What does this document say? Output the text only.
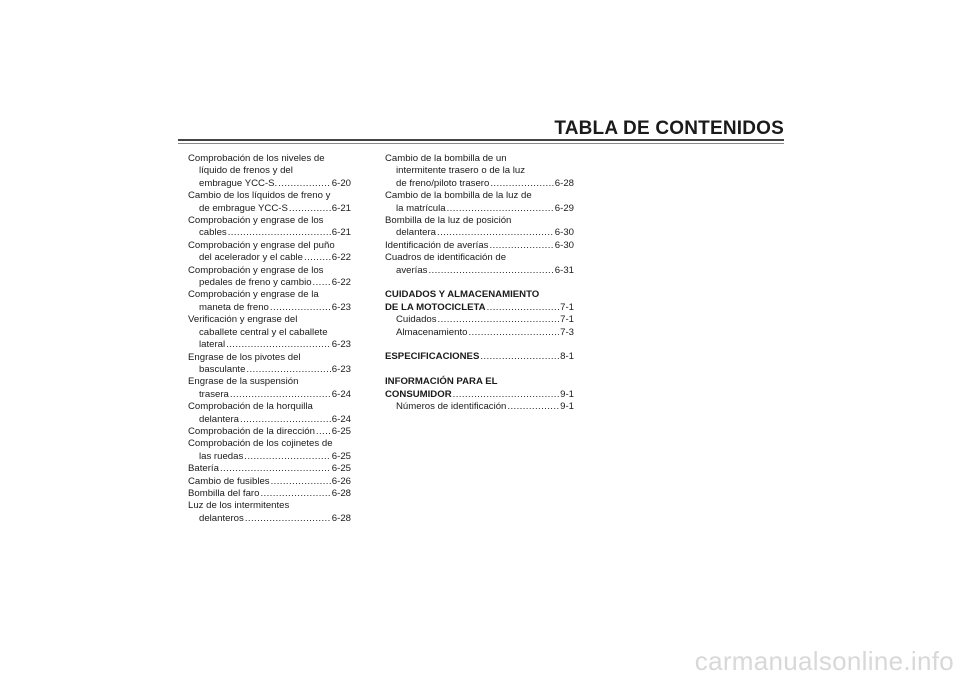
TABLA DE CONTENIDOS
Comprobación de los niveles de
líquido de frenos y del
embrague YCC-S. .....	6-20
Cambio de los líquidos de freno y
de embrague YCC-S .....	6-21
Comprobación y engrase de los
cables .....	6-21
Comprobación y engrase del puño
del acelerador y el cable .....	6-22
Comprobación y engrase de los
pedales de freno y cambio ..... 6-22
Comprobación y engrase de la
maneta de freno .....	6-23
Verificación y engrase del
caballete central y el caballete
lateral .....	6-23
Engrase de los pivotes del
basculante .....	6-23
Engrase de la suspensión
trasera .....	6-24
Comprobación de la horquilla
delantera .....	6-24
Comprobación de la dirección ..... 6-25
Comprobación de los cojinetes de
las ruedas .....	6-25
Batería .....	6-25
Cambio de fusibles .....	6-26
Bombilla del faro .....	6-28
Luz de los intermitentes
delanteros .....	6-28
Cambio de la bombilla de un
intermitente trasero o de la luz
de freno/piloto trasero .....	6-28
Cambio de la bombilla de la luz de
la matrícula .....	6-29
Bombilla de la luz de posición
delantera .....	6-30
Identificación de averías .....	6-30
Cuadros de identificación de
averías .....	6-31
CUIDADOS Y ALMACENAMIENTO
DE LA MOTOCICLETA .....	7-1
Cuidados .....	7-1
Almacenamiento .....	7-3
ESPECIFICACIONES .....	8-1
INFORMACIÓN PARA EL
CONSUMIDOR .....	9-1
Números de identificación .....	9-1
carmanualsonline.info
